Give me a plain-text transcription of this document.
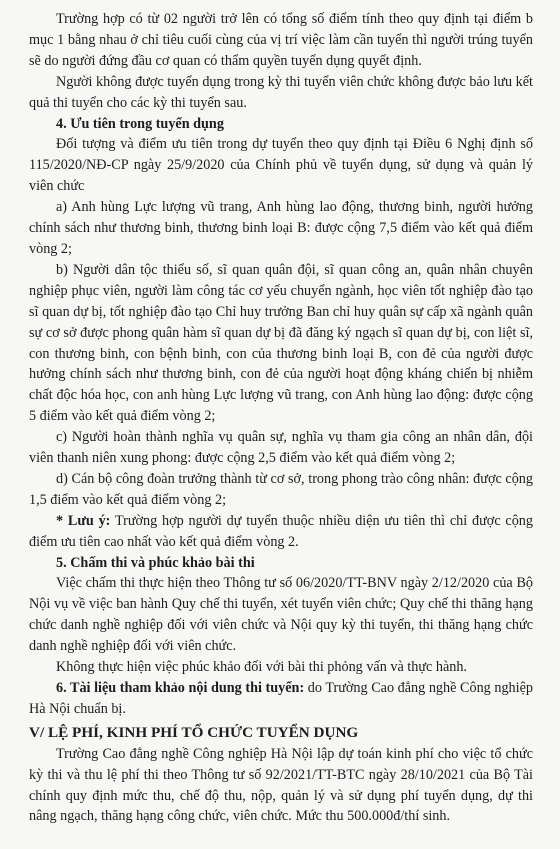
Trường hợp có từ 02 người trở lên có tổng số điểm tính theo quy định tại điểm b mục 1 bằng nhau ở chỉ tiêu cuối cùng của vị trí việc làm cần tuyển thì người trúng tuyển sẽ do người đứng đầu cơ quan có thẩm quyền tuyển dụng quyết định.

Người không được tuyển dụng trong kỳ thi tuyển viên chức không được bảo lưu kết quả thi tuyển cho các kỳ thi tuyển sau.

4. Ưu tiên trong tuyển dụng

Đối tượng và điểm ưu tiên trong dự tuyển theo quy định tại Điều 6 Nghị định số 115/2020/NĐ-CP ngày 25/9/2020 của Chính phủ về tuyển dụng, sử dụng và quản lý viên chức

a) Anh hùng Lực lượng vũ trang, Anh hùng lao động, thương binh, người hưởng chính sách như thương binh, thương binh loại B: được cộng 7,5 điểm vào kết quả điểm vòng 2;

b) Người dân tộc thiểu số, sĩ quan quân đội, sĩ quan công an, quân nhân chuyên nghiệp phục viên, người làm công tác cơ yếu chuyển ngành, học viên tốt nghiệp đào tạo sĩ quan dự bị, tốt nghiệp đào tạo Chỉ huy trưởng Ban chỉ huy quân sự cấp xã ngành quân sự cơ sở được phong quân hàm sĩ quan dự bị đã đăng ký ngạch sĩ quan dự bị, con liệt sĩ, con thương binh, con bệnh binh, con của thương binh loại B, con đẻ của người được hưởng chính sách như thương binh, con đẻ của người hoạt động kháng chiến bị nhiễm chất độc hóa học, con anh hùng Lực lượng vũ trang, con Anh hùng lao động: được cộng 5 điểm vào kết quả điểm vòng 2;

c) Người hoàn thành nghĩa vụ quân sự, nghĩa vụ tham gia công an nhân dân, đội viên thanh niên xung phong: được cộng 2,5 điểm vào kết quả điểm vòng 2;

d) Cán bộ công đoàn trưởng thành từ cơ sở, trong phong trào công nhân: được cộng 1,5 điểm vào kết quả điểm vòng 2;

* Lưu ý: Trường hợp người dự tuyển thuộc nhiều diện ưu tiên thì chỉ được cộng điểm ưu tiên cao nhất vào kết quả điểm vòng 2.

5. Chấm thi và phúc khảo bài thi

Việc chấm thi thực hiện theo Thông tư số 06/2020/TT-BNV ngày 2/12/2020 của Bộ Nội vụ về việc ban hành Quy chế thi tuyển, xét tuyển viên chức; Quy chế thi thăng hạng chức danh nghề nghiệp đối với viên chức và Nội quy kỳ thi tuyển, thi thăng hạng chức danh nghề nghiệp đối với viên chức.

Không thực hiện việc phúc khảo đối với bài thi phỏng vấn và thực hành.

6. Tài liệu tham khảo nội dung thi tuyển: do Trường Cao đẳng nghề Công nghiệp Hà Nội chuẩn bị.

V/ LỆ PHÍ, KINH PHÍ TỔ CHỨC TUYỂN DỤNG

Trường Cao đẳng nghề Công nghiệp Hà Nội lập dự toán kinh phí cho việc tổ chức kỳ thi và thu lệ phí thi theo Thông tư số 92/2021/TT-BTC ngày 28/10/2021 của Bộ Tài chính quy định mức thu, chế độ thu, nộp, quản lý và sử dụng phí tuyển dụng, dự thi nâng ngạch, thăng hạng công chức, viên chức. Mức thu 500.000đ/thí sinh.
